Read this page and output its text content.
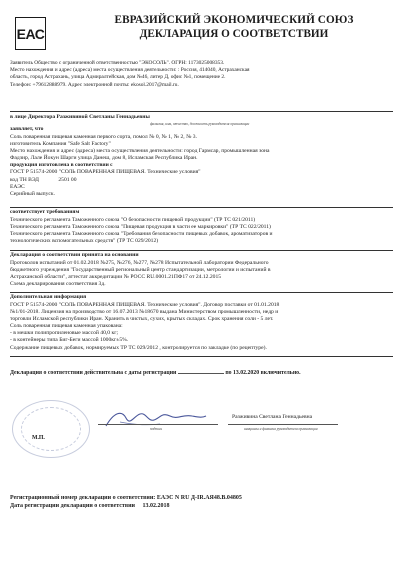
ЕАС
ЕВРАЗИЙСКИЙ ЭКОНОМИЧЕСКИЙ СОЮЗ
ДЕКЛАРАЦИЯ О СООТВЕТСТВИИ
Заявитель Общество с ограниченной ответственностью "ЭКОСОЛЬ". ОГРН: 1173025008353.
Место нахождения и адрес (адреса) места осуществления деятельности: : Россия, 414040, Астраханская
область, город Астрахань, улица Адмиралтейская, дом №46, литер Д, офис №1, помещение 2.
Телефон: +79612888979. Адрес электронной почты: ekosol.2017@mail.ru.
в лице Директора Разживиной Светланы Геннадьевны
фамилия, имя, отчество, должность руководителя организации
заявляет, что
Соль поваренная пищевая каменная первого сорта, помол № 0, № 1, № 2, № 3.
изготовитель Компания "Safe Salt Factory"
Место нахождения и адрес (адреса) места осуществления деятельности: город Гармсар, промышленная зона
Фадзир, Лале Йокун Шарги улица Данеш, дом 8, Исламская Республика Иран.
продукция изготовлена в соответствии с
ГОСТ Р 51574-2000 "СОЛЬ ПОВАРЕННАЯ ПИЩЕВАЯ. Технические условия"
код ТН ВЭД	2501 00
ЕАЭС
Серийный выпуск.
соответствует требованиям
Технического регламента Таможенного союза "О безопасности пищевой продукции" (ТР ТС 021/2011)
Технического регламента Таможенного союза "Пищевая продукция в части ее маркировки" (ТР ТС 022/2011)
Технического регламента Таможенного союза "Требования безопасности пищевых добавок, ароматизаторов и
технологических вспомогательных средств" (ТР ТС 029/2012)
Декларация о соответствии принята на основании
Протоколов испытаний от 01.02.2018 №275, №276, №277, №278 Испытательной лаборатории Федерального
бюджетного учреждения "Государственный региональный центр стандартизации, метрологии и испытаний в
Астраханской области", аттестат аккредитации № РОСС RU.0001.21ПФ17 от 24.12.2015
Схема декларирования соответствия 3д.
Дополнительная информация
ГОСТ Р 51574-2000 "СОЛЬ ПОВАРЕННАЯ ПИЩЕВАЯ. Технические условия". Договор поставки от 01.01.2018
№1/01-2018. Лицензия на производство от 16.07.2013 №18670 выдана Министерством промышленности, недр и
торговли Исламской республики Иран. Хранить в чистых, сухих, крытых складах. Срок хранения соли - 5 лет.
Соль поваренная пищевая каменная упакована:
- в мешки полипропиленовые массой 40,0 кг;
- в контейнеры типа Биг-Беги массой 1000кг±5%.
Содержание пищевых добавок, нормируемых ТР ТС 029/2012 , контролируется по закладке (по рецептуре).
Декларация о соответствии действительна с даты регистрации	по 13.02.2020 включительно.
М.П.
Разживина Светлана Геннадьевна
подпись	инициалы и фамилия руководителя организации
Регистрационный номер декларации о соответствии: ЕАЭС N RU Д-IR.АЯ48.В.04805
Дата регистрации декларации о соответствии 13.02.2018
